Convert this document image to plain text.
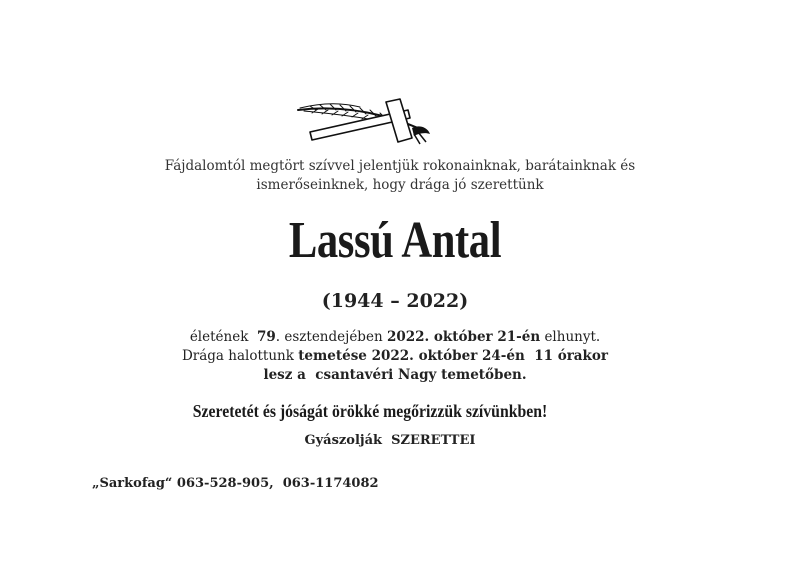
Fájdalomtól megtört szívvel jelentjük rokonainknak, barátainknak és

ismerőseinknek, hogy drága jó szerettünk

Lassú Antal
(1944 – 2022)

életének  79. esztendejében 2022. október 21-én elhunyt.

Drága halottunk temetése 2022. október 24-én  11 órakor

lesz a  csantavéri Nagy temetőben.

Szeretetét és jóságát örökké megőrizzük szívünkben!
Gyászolják  SZERETTEI
„Sarkofag“ 063-528-905,  063-1174082
